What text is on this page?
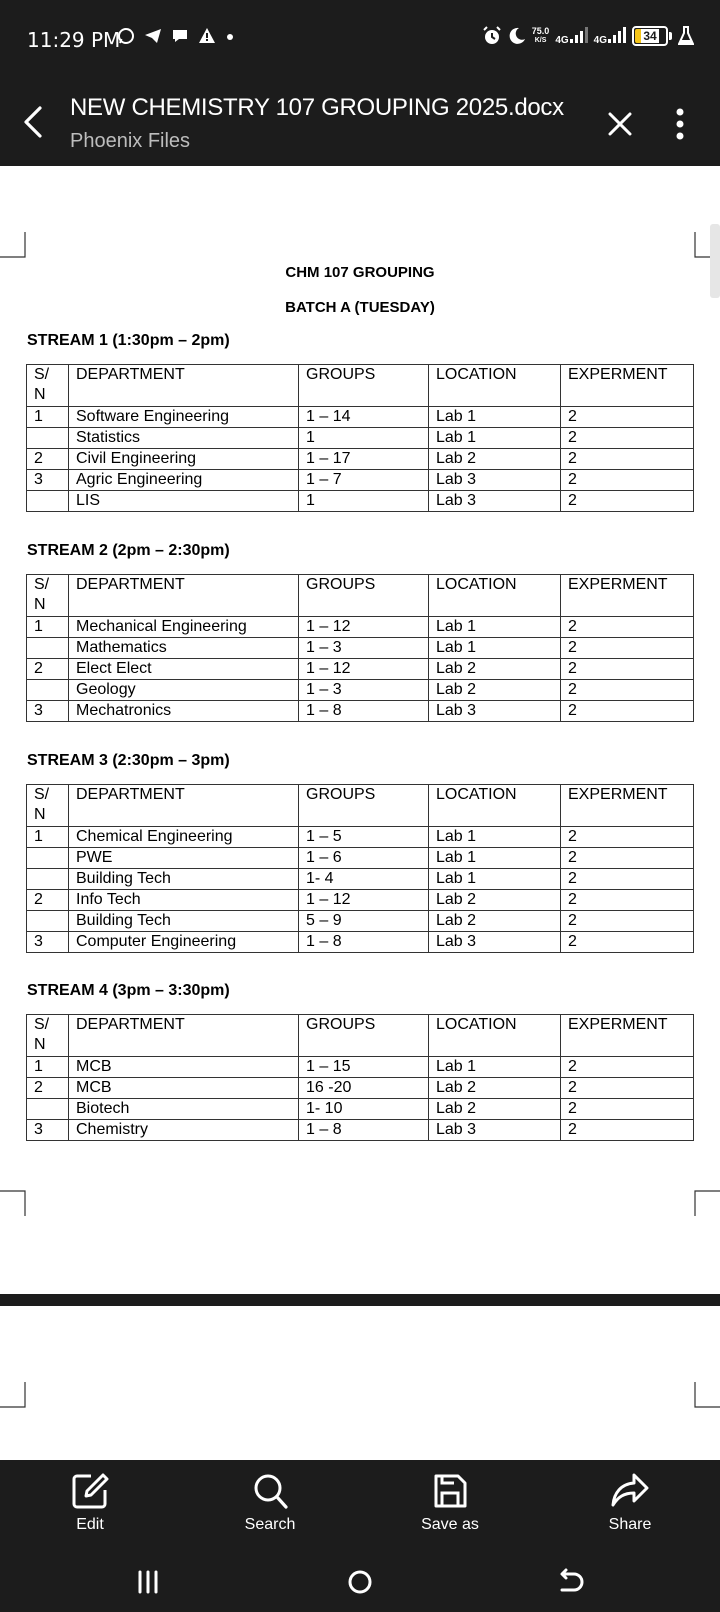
11:29 PM	75.0
K/S 4G	4G	34
NEW CHEMISTRY 107 GROUPING 2025.docx
Phoenix Files
CHM 107 GROUPING
BATCH A (TUESDAY)
STREAM 1 (1:30pm – 2pm)
S/
N	DEPARTMENT	GROUPS	LOCATION	EXPERMENT
1	Software Engineering	1 – 14	Lab 1	2
	Statistics	1	Lab 1	2
2	Civil Engineering	1 – 17	Lab 2	2
3	Agric Engineering	1 – 7	Lab 3	2
	LIS	1	Lab 3	2
STREAM 2 (2pm – 2:30pm)
S/
N	DEPARTMENT	GROUPS	LOCATION	EXPERMENT
1	Mechanical Engineering	1 – 12	Lab 1	2
	Mathematics	1 – 3	Lab 1	2
2	Elect Elect	1 – 12	Lab 2	2
	Geology	1 – 3	Lab 2	2
3	Mechatronics	1 – 8	Lab 3	2
STREAM 3 (2:30pm – 3pm)
S/
N	DEPARTMENT	GROUPS	LOCATION	EXPERMENT
1	Chemical Engineering	1 – 5	Lab 1	2
	PWE	1 – 6	Lab 1	2
	Building Tech	1- 4	Lab 1	2
2	Info Tech	1 – 12	Lab 2	2
	Building Tech	5 – 9	Lab 2	2
3	Computer Engineering	1 – 8	Lab 3	2
STREAM 4 (3pm – 3:30pm)
S/
N	DEPARTMENT	GROUPS	LOCATION	EXPERMENT
1	MCB	1 – 15	Lab 1	2
2	MCB	16 -20	Lab 2	2
	Biotech	1- 10	Lab 2	2
3	Chemistry	1 – 8	Lab 3	2
Edit	Search	Save as	Share
